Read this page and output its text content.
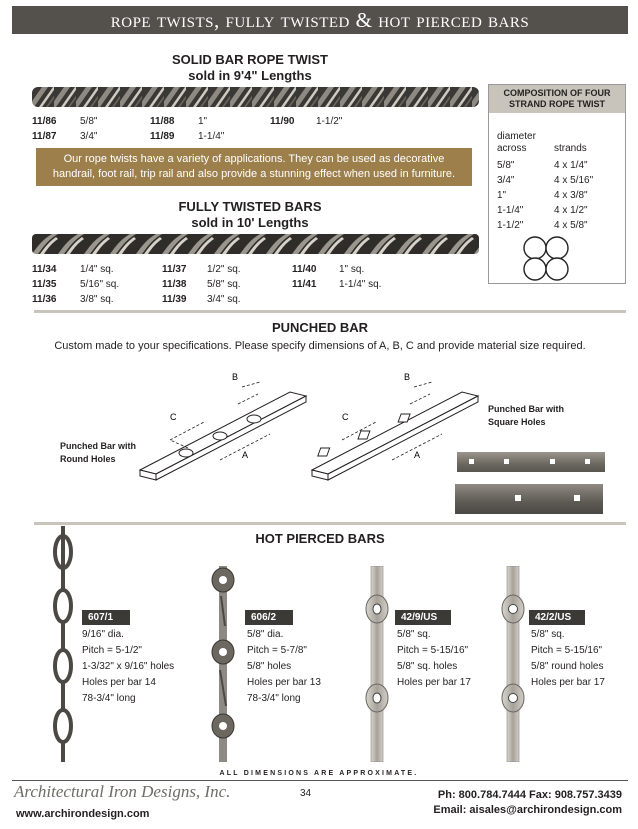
rope twists, fully twisted & hot pierced bars
SOLID BAR ROPE TWIST
sold in 9'4" Lengths
11/86 5/8"
11/87 3/4"
11/88 1"
11/89 1-1/4"
11/90 1-1/2"
Our rope twists have a variety of applications. They can be used as decorative handrail, foot rail, trip rail and also provide a stunning effect when used in furniture.
COMPOSITION OF FOUR STRAND ROPE TWIST
diameter across	strands
5/8"	4 x 1/4"
3/4"	4 x 5/16"
1"	4 x 3/8"
1-1/4"	4 x 1/2"
1-1/2"	4 x 5/8"
FULLY TWISTED BARS
sold in 10' Lengths
11/34 1/4" sq.
11/35 5/16" sq.
11/36 3/8" sq.
11/37 1/2" sq.
11/38 5/8" sq.
11/39 3/4" sq.
11/40 1" sq.
11/41 1-1/4" sq.
PUNCHED BAR
Custom made to your specifications. Please specify dimensions of A, B, C and provide material size required.
C
B
A
C
B
A
Punched Bar with
Round Holes
Punched Bar with
Square Holes
HOT PIERCED BARS
607/1
9/16" dia.
Pitch = 5-1/2"
1-3/32" x 9/16" holes
Holes per bar 14
78-3/4" long
606/2
5/8" dia.
Pitch = 5-7/8"
5/8" holes
Holes per bar 13
78-3/4" long
42/9/US
5/8" sq.
Pitch = 5-15/16"
5/8" sq. holes
Holes per bar 17
42/2/US
5/8" sq.
Pitch = 5-15/16"
5/8" round holes
Holes per bar 17
ALL DIMENSIONS ARE APPROXIMATE.
Architectural Iron Designs, Inc.
www.archirondesign.com
34	Ph: 800.784.7444 Fax: 908.757.3439
Email: aisales@archirondesign.com
